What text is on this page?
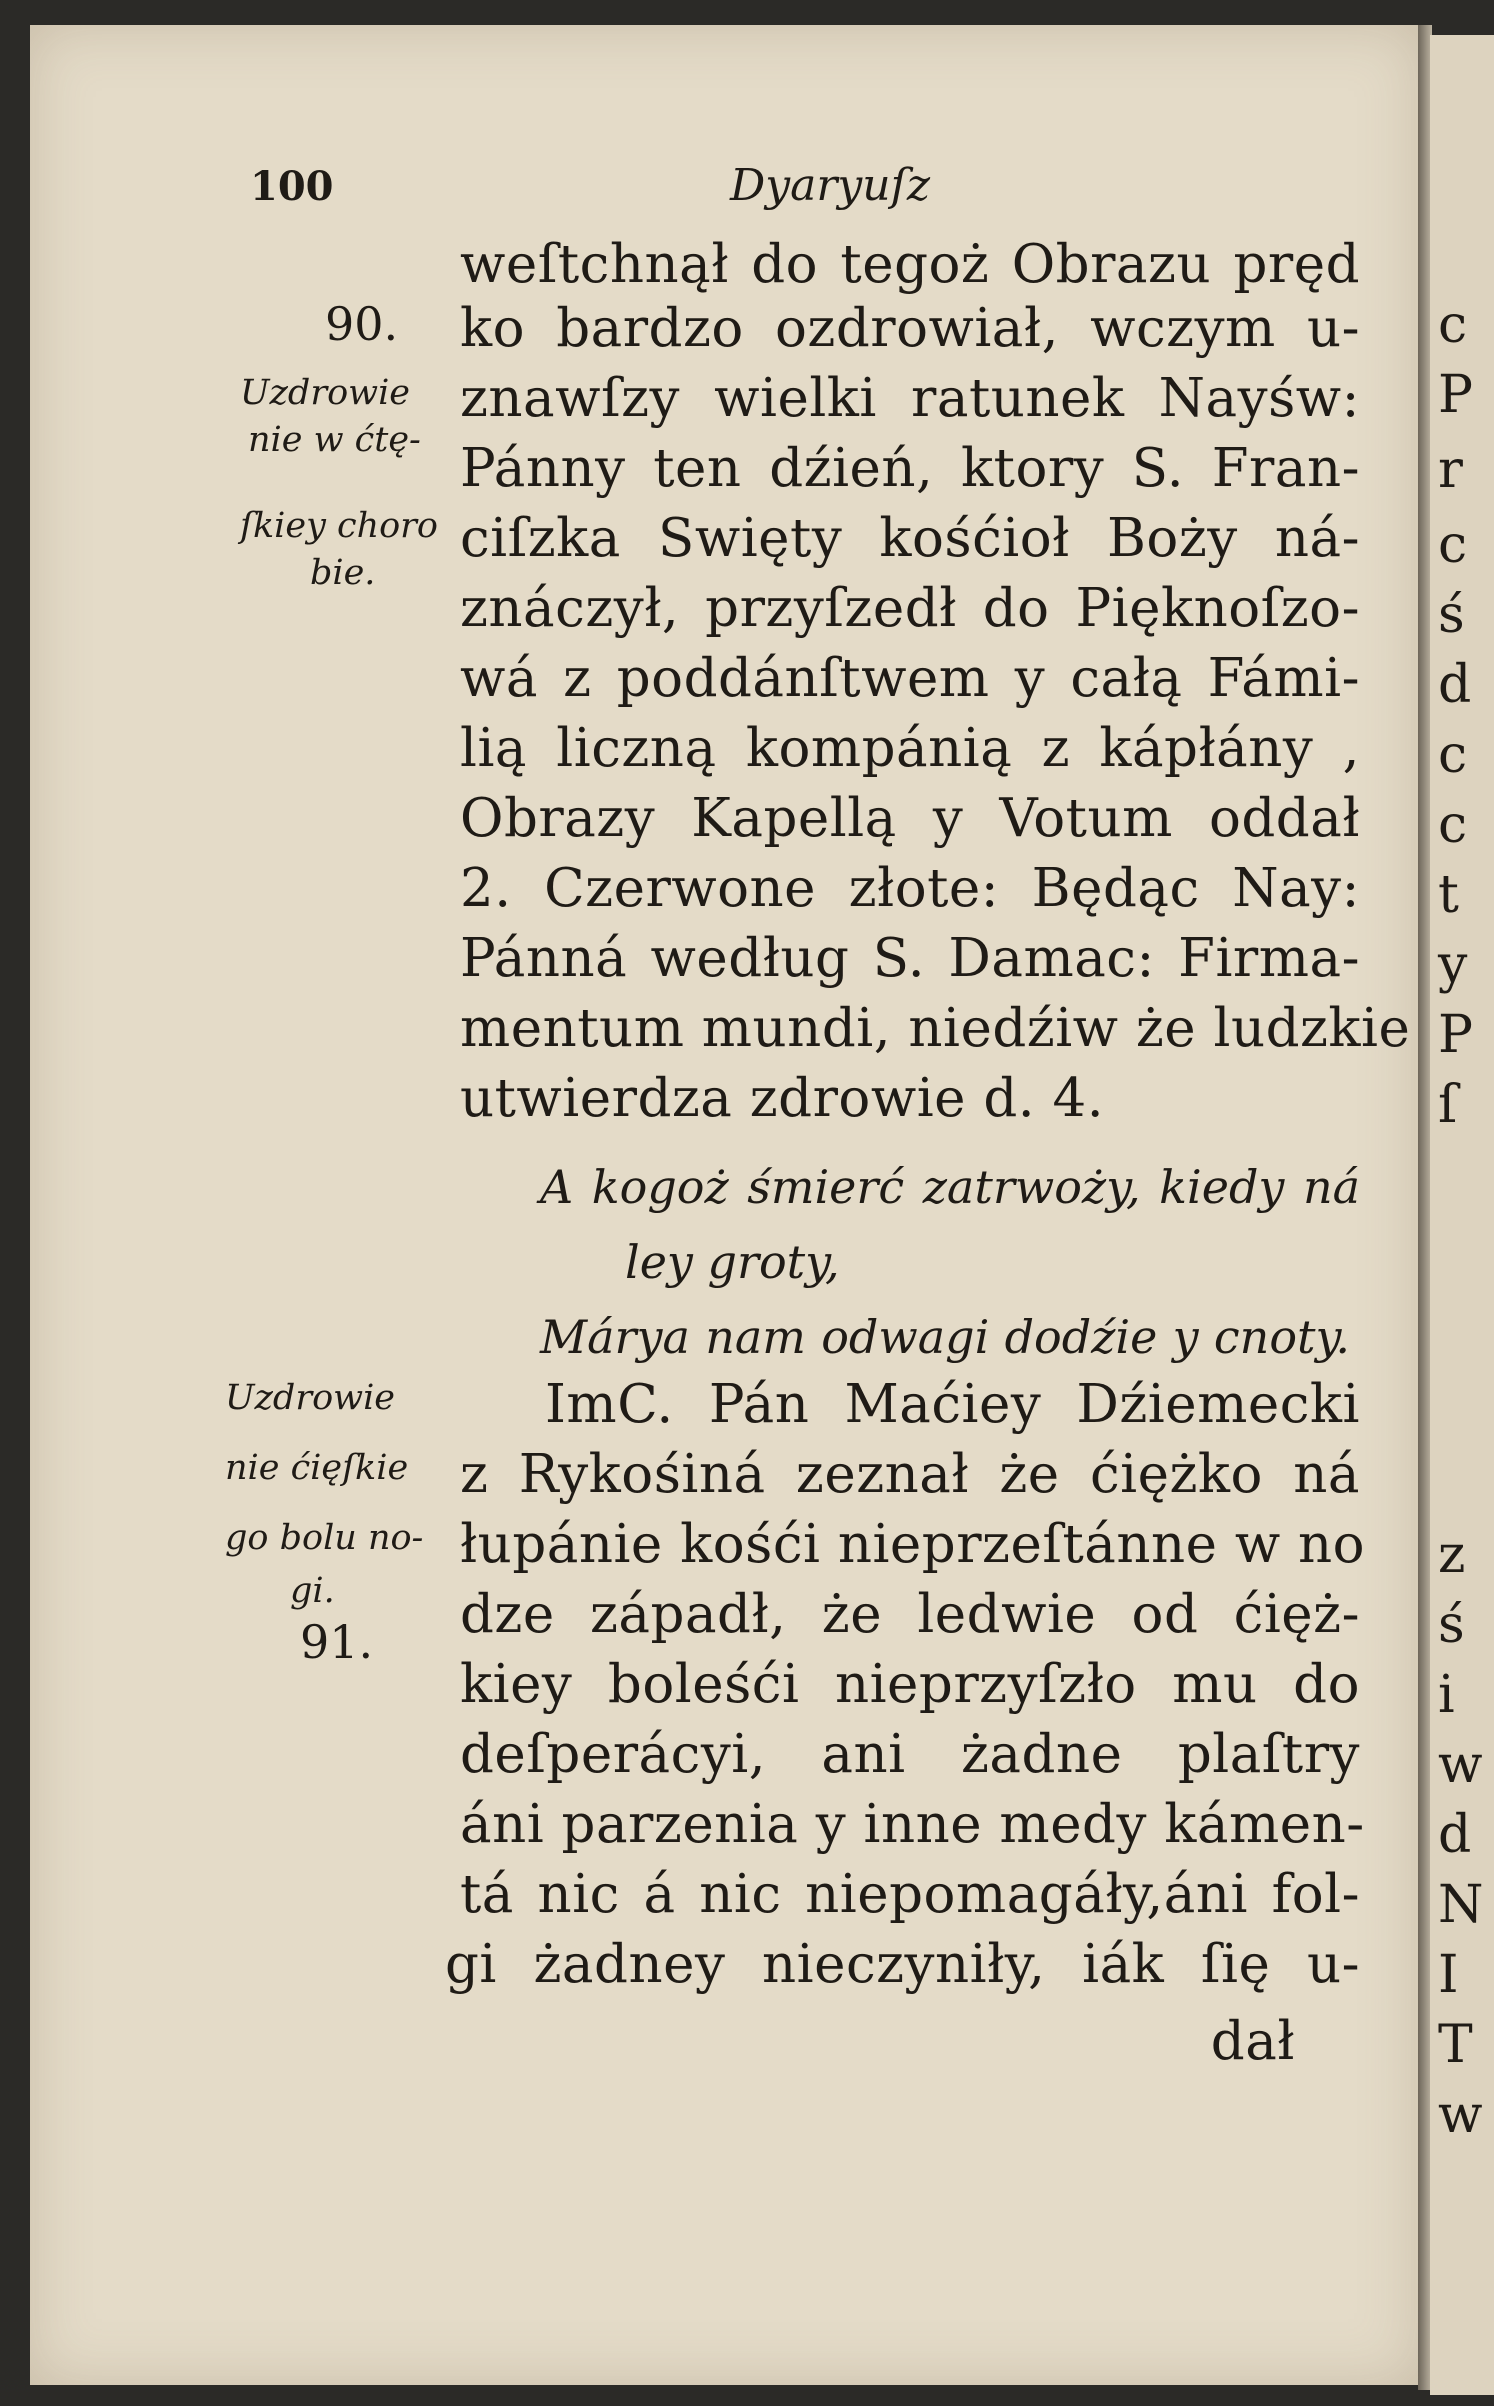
c
P
r
c
ś
d
c
c
t
y
P
ſ
z
ś
i
w
d
N
I
T
w
100	Dyaryuſz
90.
Uzdrowie
nie w ćtę-
ſkiey choro
bie.
Uzdrowie
nie ćięſkie
go bolu no-
gi.
91.
weſtchnął do tegoż Obrazu pręd
ko bardzo ozdrowiał, wczym u-
znawſzy wielki ratunek Nayśw:
Pánny ten dźień, ktory S. Fran-
ciſzka Swięty kośćioł Boży ná-
znáczył, przyſzedł do Pięknoſzo-
wá z poddánſtwem y całą Fámi-
lią liczną kompánią z kápłány ,
Obrazy Kapellą y Votum oddał
2. Czerwone złote: Będąc Nay:
Pánná według S. Damac: Firma-
mentum mundi, niedźiw że ludzkie
utwierdza zdrowie d. 4.
A kogoż śmierć zatrwoży, kiedy ná
ley groty,
Márya nam odwagi dodźie y cnoty.
ImC. Pán Maćiey Dźiemecki
z Rykośiná zeznał że ćiężko ná
łupánie kośći nieprzeſtánne w no
dze západł, że ledwie od ćięż-
kiey boleśći nieprzyſzło mu do
deſperácyi, ani żadne plaſtry
áni parzenia y inne medy kámen-
tá nic á nic niepomagáły,áni fol-
gi żadney nieczyniły, iák ſię u-
dał
